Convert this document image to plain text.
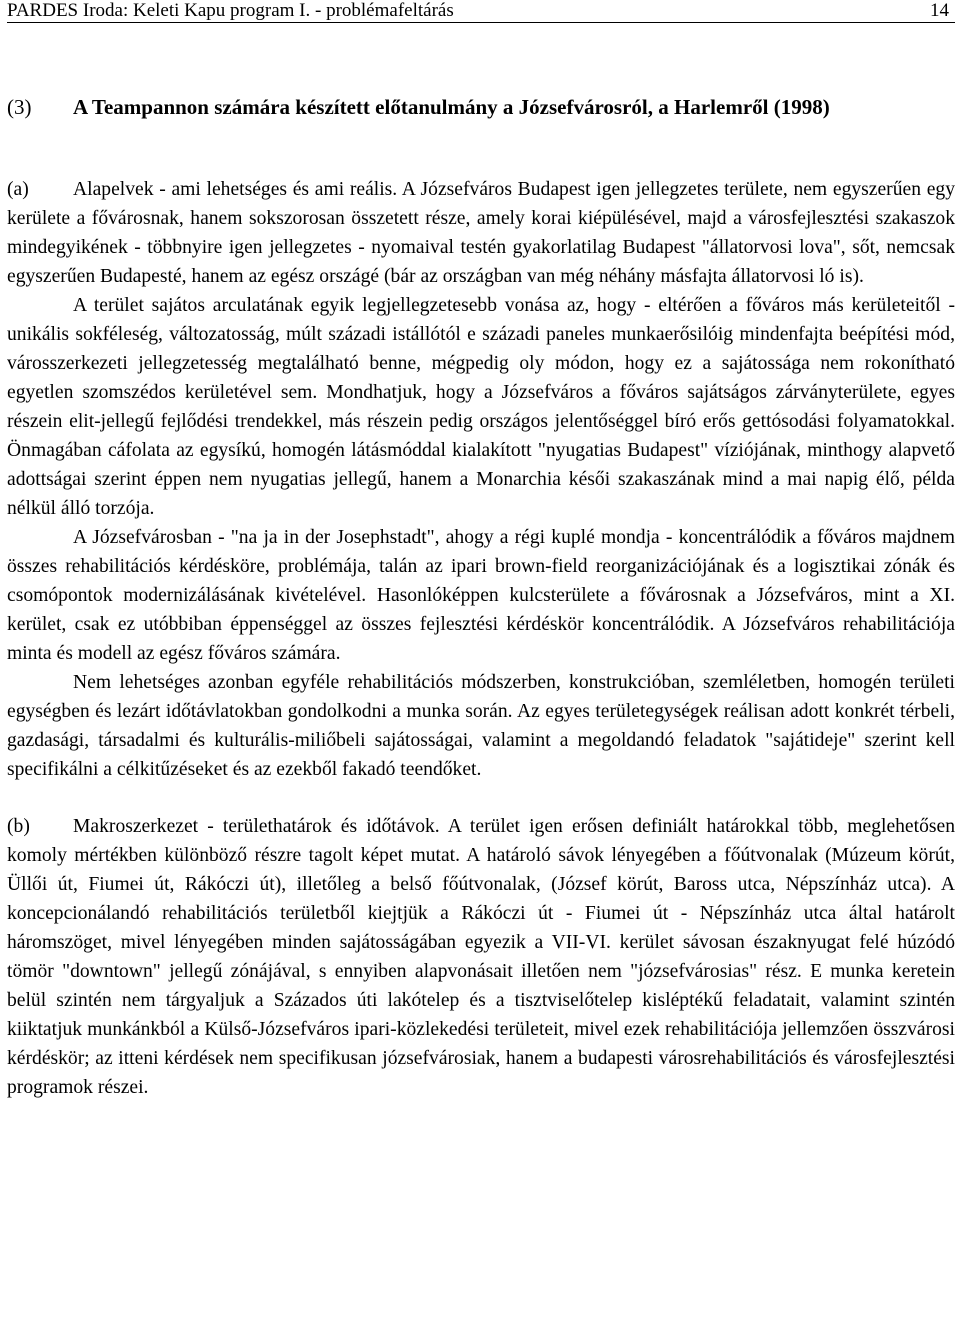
PARDES Iroda: Keleti Kapu program I. - problémafeltárás	14
(3) A Teampannon számára készített előtanulmány a Józsefvárosról, a Harlemről (1998)

(a) Alapelvek - ami lehetséges és ami reális. A Józsefváros Budapest igen jellegzetes területe, nem egyszerűen egy kerülete a fővárosnak, hanem sokszorosan összetett része, amely korai kiépülésével, majd a városfejlesztési szakaszok mindegyikének - többnyire igen jellegzetes - nyomaival testén gyakorlatilag Budapest "állatorvosi lova", sőt, nemcsak egyszerűen Budapesté, hanem az egész országé (bár az országban van még néhány másfajta állatorvosi ló is).

A terület sajátos arculatának egyik legjellegzetesebb vonása az, hogy - eltérően a főváros más kerületeitől - unikális sokféleség, változatosság, múlt századi istállótól e századi paneles munkaerősilóig mindenfajta beépítési mód, városszerkezeti jellegzetesség megtalálható benne, mégpedig oly módon, hogy ez a sajátossága nem rokonítható egyetlen szomszédos kerületével sem. Mondhatjuk, hogy a Józsefváros a főváros sajátságos zárványterülete, egyes részein elit-jellegű fejlődési trendekkel, más részein pedig országos jelentőséggel bíró erős gettósodási folyamatokkal. Önmagában cáfolata az egysíkú, homogén látásmóddal kialakított "nyugatias Budapest" víziójának, minthogy alapvető adottságai szerint éppen nem nyugatias jellegű, hanem a Monarchia késői szakaszának mind a mai napig élő, példa nélkül álló torzója.

A Józsefvárosban - "na ja in der Josephstadt", ahogy a régi kuplé mondja - koncentrálódik a főváros majdnem összes rehabilitációs kérdésköre, problémája, talán az ipari brown-field reorganizációjának és a logisztikai zónák és csomópontok modernizálásának kivételével. Hasonlóképpen kulcsterülete a fővárosnak a Józsefváros, mint a XI. kerület, csak ez utóbbiban éppenséggel az összes fejlesztési kérdéskör koncentrálódik. A Józsefváros rehabilitációja minta és modell az egész főváros számára.

Nem lehetséges azonban egyféle rehabilitációs módszerben, konstrukcióban, szemléletben, homogén területi egységben és lezárt időtávlatokban gondolkodni a munka során. Az egyes területegységek reálisan adott konkrét térbeli, gazdasági, társadalmi és kulturális-miliőbeli sajátosságai, valamint a megoldandó feladatok "sajátideje" szerint kell specifikálni a célkitűzéseket és az ezekből fakadó teendőket.

(b) Makroszerkezet - területhatárok és időtávok. A terület igen erősen definiált határokkal több, meglehetősen komoly mértékben különböző részre tagolt képet mutat. A határoló sávok lényegében a főútvonalak (Múzeum körút, Üllői út, Fiumei út, Rákóczi út), illetőleg a belső főútvonalak, (József körút, Baross utca, Népszínház utca). A koncepcionálandó rehabilitációs területből kiejtjük a Rákóczi út - Fiumei út - Népszínház utca által határolt háromszöget, mivel lényegében minden sajátosságában egyezik a VII-VI. kerület sávosan északnyugat felé húzódó tömör "downtown" jellegű zónájával, s ennyiben alapvonásait illetően nem "józsefvárosias" rész. E munka keretein belül szintén nem tárgyaljuk a Százados úti lakótelep és a tisztviselőtelep kisléptékű feladatait, valamint szintén kiiktatjuk munkánkból a Külső-Józsefváros ipari-közlekedési területeit, mivel ezek rehabilitációja jellemzően összvárosi kérdéskör; az itteni kérdések nem specifikusan józsefvárosiak, hanem a budapesti városrehabilitációs és városfejlesztési programok részei.
